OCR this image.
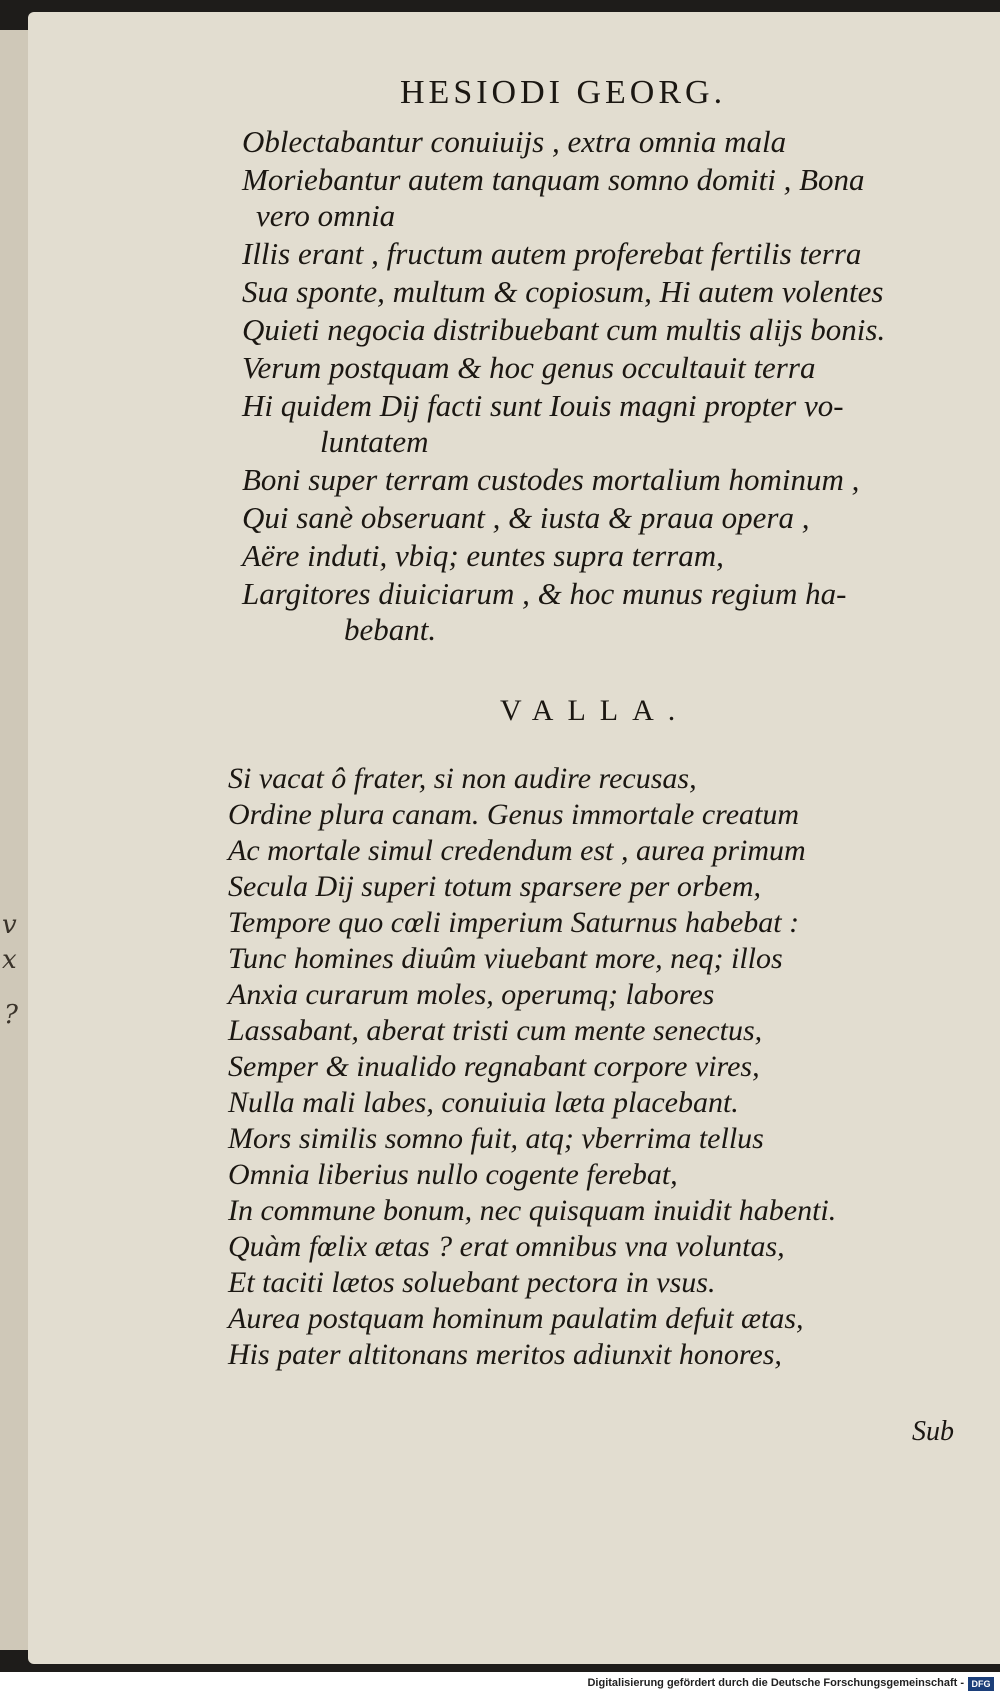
v
x
?
HESIODI GEORG.
Oblectabantur conuiuijs , extra omnia mala
Moriebantur autem tanquam somno domiti , Bona
vero omnia
Illis erant , fructum autem proferebat fertilis terra
Sua sponte, multum & copiosum, Hi autem volentes
Quieti negocia distribuebant cum multis alijs bonis.
Verum postquam & hoc genus occultauit terra
Hi quidem Dij facti sunt Iouis magni propter vo-
luntatem
Boni super terram custodes mortalium hominum ,
Qui sanè obseruant , & iusta & praua opera ,
Aëre induti, vbiq; euntes supra terram,
Largitores diuiciarum , & hoc munus regium ha-
bebant.
VALLA.
Si vacat ô frater, si non audire recusas,
Ordine plura canam. Genus immortale creatum
Ac mortale simul credendum est , aurea primum
Secula Dij superi totum sparsere per orbem,
Tempore quo cœli imperium Saturnus habebat :
Tunc homines diuûm viuebant more, neq; illos
Anxia curarum moles, operumq; labores
Lassabant, aberat tristi cum mente senectus,
Semper & inualido regnabant corpore vires,
Nulla mali labes, conuiuia læta placebant.
Mors similis somno fuit, atq; vberrima tellus
Omnia liberius nullo cogente ferebat,
In commune bonum, nec quisquam inuidit habenti.
Quàm fœlix ætas ? erat omnibus vna voluntas,
Et taciti lætos soluebant pectora in vsus.
Aurea postquam hominum paulatim defuit ætas,
His pater altitonans meritos adiunxit honores,
Sub
Digitalisierung gefördert durch die Deutsche Forschungsgemeinschaft - DFG
